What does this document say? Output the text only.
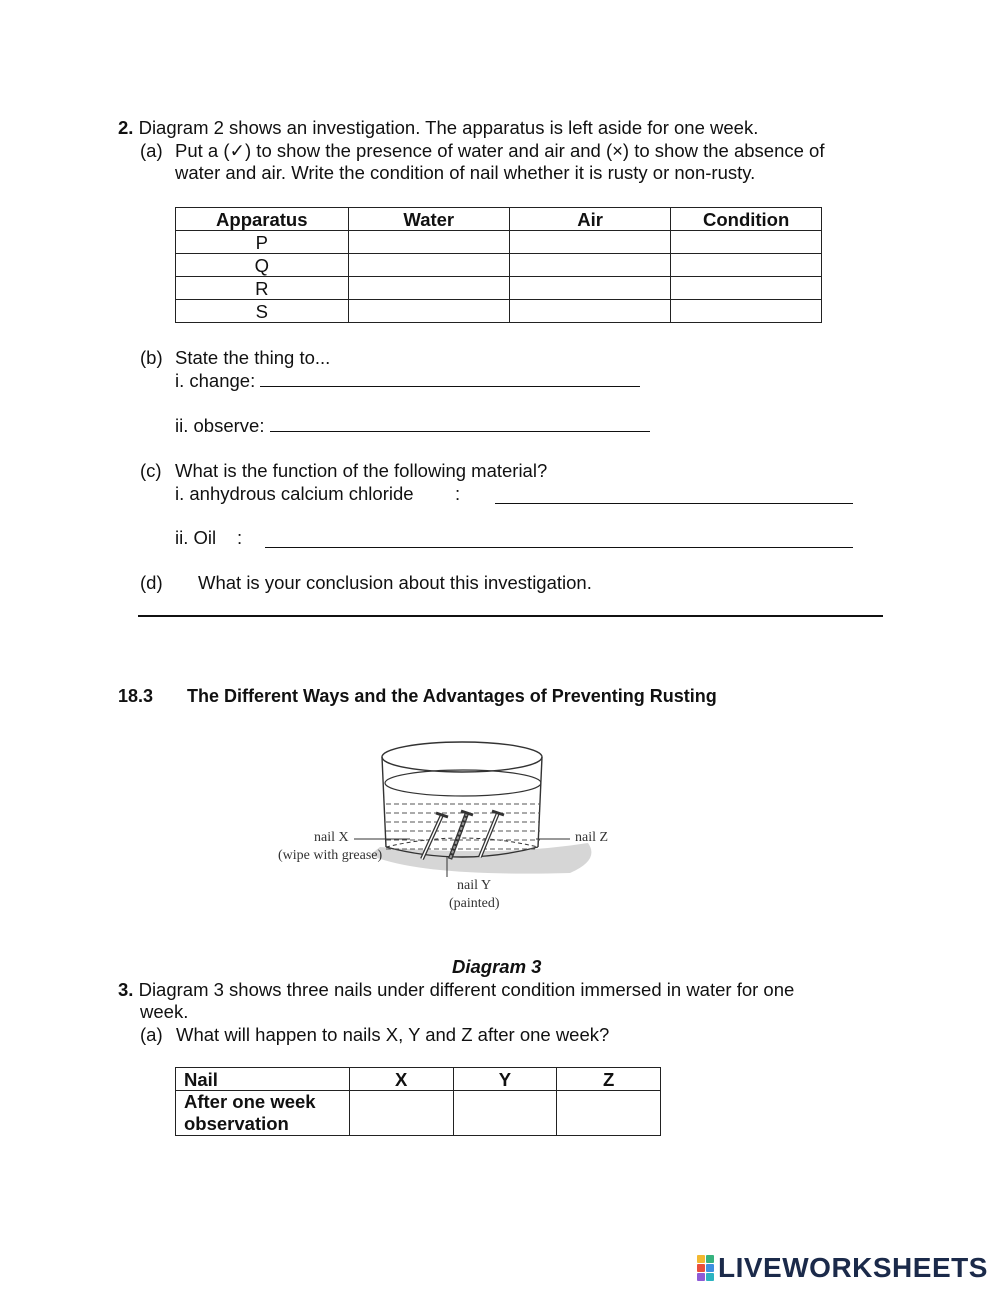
2. Diagram 2 shows an investigation. The apparatus is left aside for one week.
(a) Put a (✓) to show the presence of water and air and (×) to show the absence of
water and air. Write the condition of nail whether it is rusty or non-rusty.
Apparatus	Water	Air	Condition
P			
Q			
R			
S			
(b) State the thing to...
i. change:
ii. observe:
(c) What is the function of the following material?
i. anhydrous calcium chloride :
ii. Oil :
(d) What is your conclusion about this investigation.
18.3 The Different Ways and the Advantages of Preventing Rusting
nail X
(wipe with grease)
nail Z
nail Y
(painted)
Diagram 3
3. Diagram 3 shows three nails under different condition immersed in water for one
week.
(a) What will happen to nails X, Y and Z after one week?
Nail	X	Y	Z
After one week
observation			
LIVEWORKSHEETS
